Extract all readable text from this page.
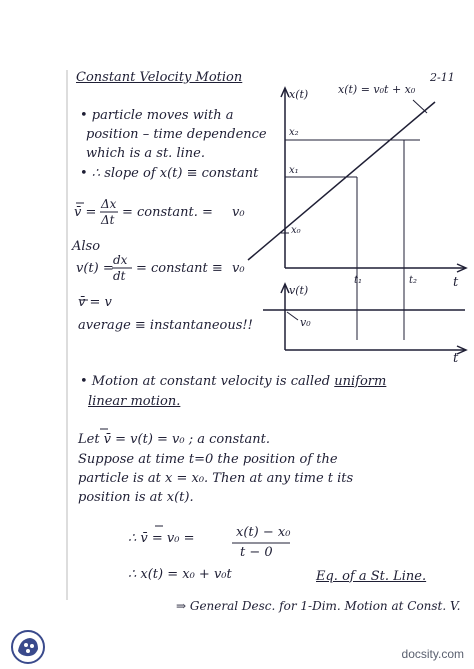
2-11
Constant Velocity Motion
• particle moves with a
position – time dependence
which is a st. line.
• ∴ slope of x(t) ≡ constant
v̄ =
Δx
Δt = constant. = v₀
Also
v(t) =
dx
dt = constant ≡ v₀
v̄ = v
average ≡ instantaneous!!
x(t)	x(t) = v₀t + x₀
x₂
x₁
x₀
t₁	t₂	t
v(t)
v₀
t
• Motion at constant velocity is called uniform
linear motion.
Let v̄ = v(t) = v₀ ; a constant.
Suppose at time t=0 the position of the
particle is at x = x₀. Then at any time t its
position is at x(t).
∴ v̄ = v₀ =	x(t) − x₀
t − 0
∴ x(t) = x₀ + v₀t	Eq. of a St. Line.
⇒ General Desc. for 1-Dim. Motion at Const. V.
docsity.com
